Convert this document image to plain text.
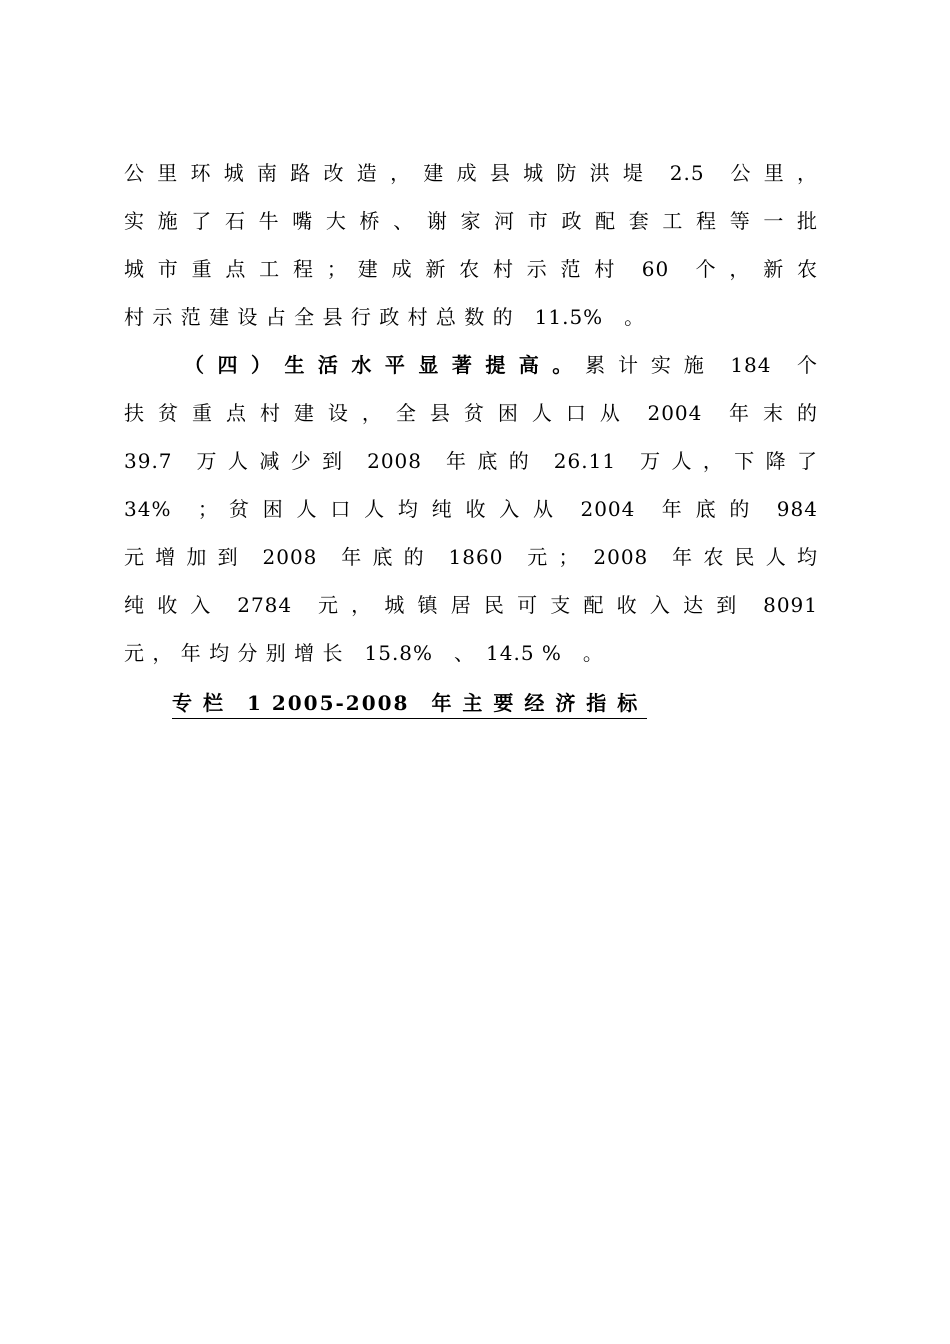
公 里 环 城 南 路 改 造 ， 建 成 县 城 防 洪 堤　2.5　公 里 ，
实 施 了 石 牛 嘴 大 桥 、 谢 家 河 市 政 配 套 工 程 等 一 批
城 市 重 点 工 程 ； 建 成 新 农 村 示 范 村　60　个 ， 新 农
村 示 范 建 设 占 全 县 行 政 村 总 数 的　11.5%　。
（ 四 ） 生 活 水 平 显 著 提 高 。 累 计 实 施　184　个
扶 贫 重 点 村 建 设 ， 全 县 贫 困 人 口 从　2004　年 末 的
39.7　万 人 减 少 到　2008　年 底 的　26.11　万 人 ， 下 降 了
34%　； 贫 困 人 口 人 均 纯 收 入 从　2004　年 底 的　984
元 增 加 到　2008　年 底 的　1860　元 ；　2008　年 农 民 人 均
纯 收 入　2784　元 ， 城 镇 居 民 可 支 配 收 入 达 到　8091
元 ， 年 均 分 别 增 长　15.8%　、　14.5 %　。
专 栏　1 2005-2008　年 主 要 经 济 指 标
